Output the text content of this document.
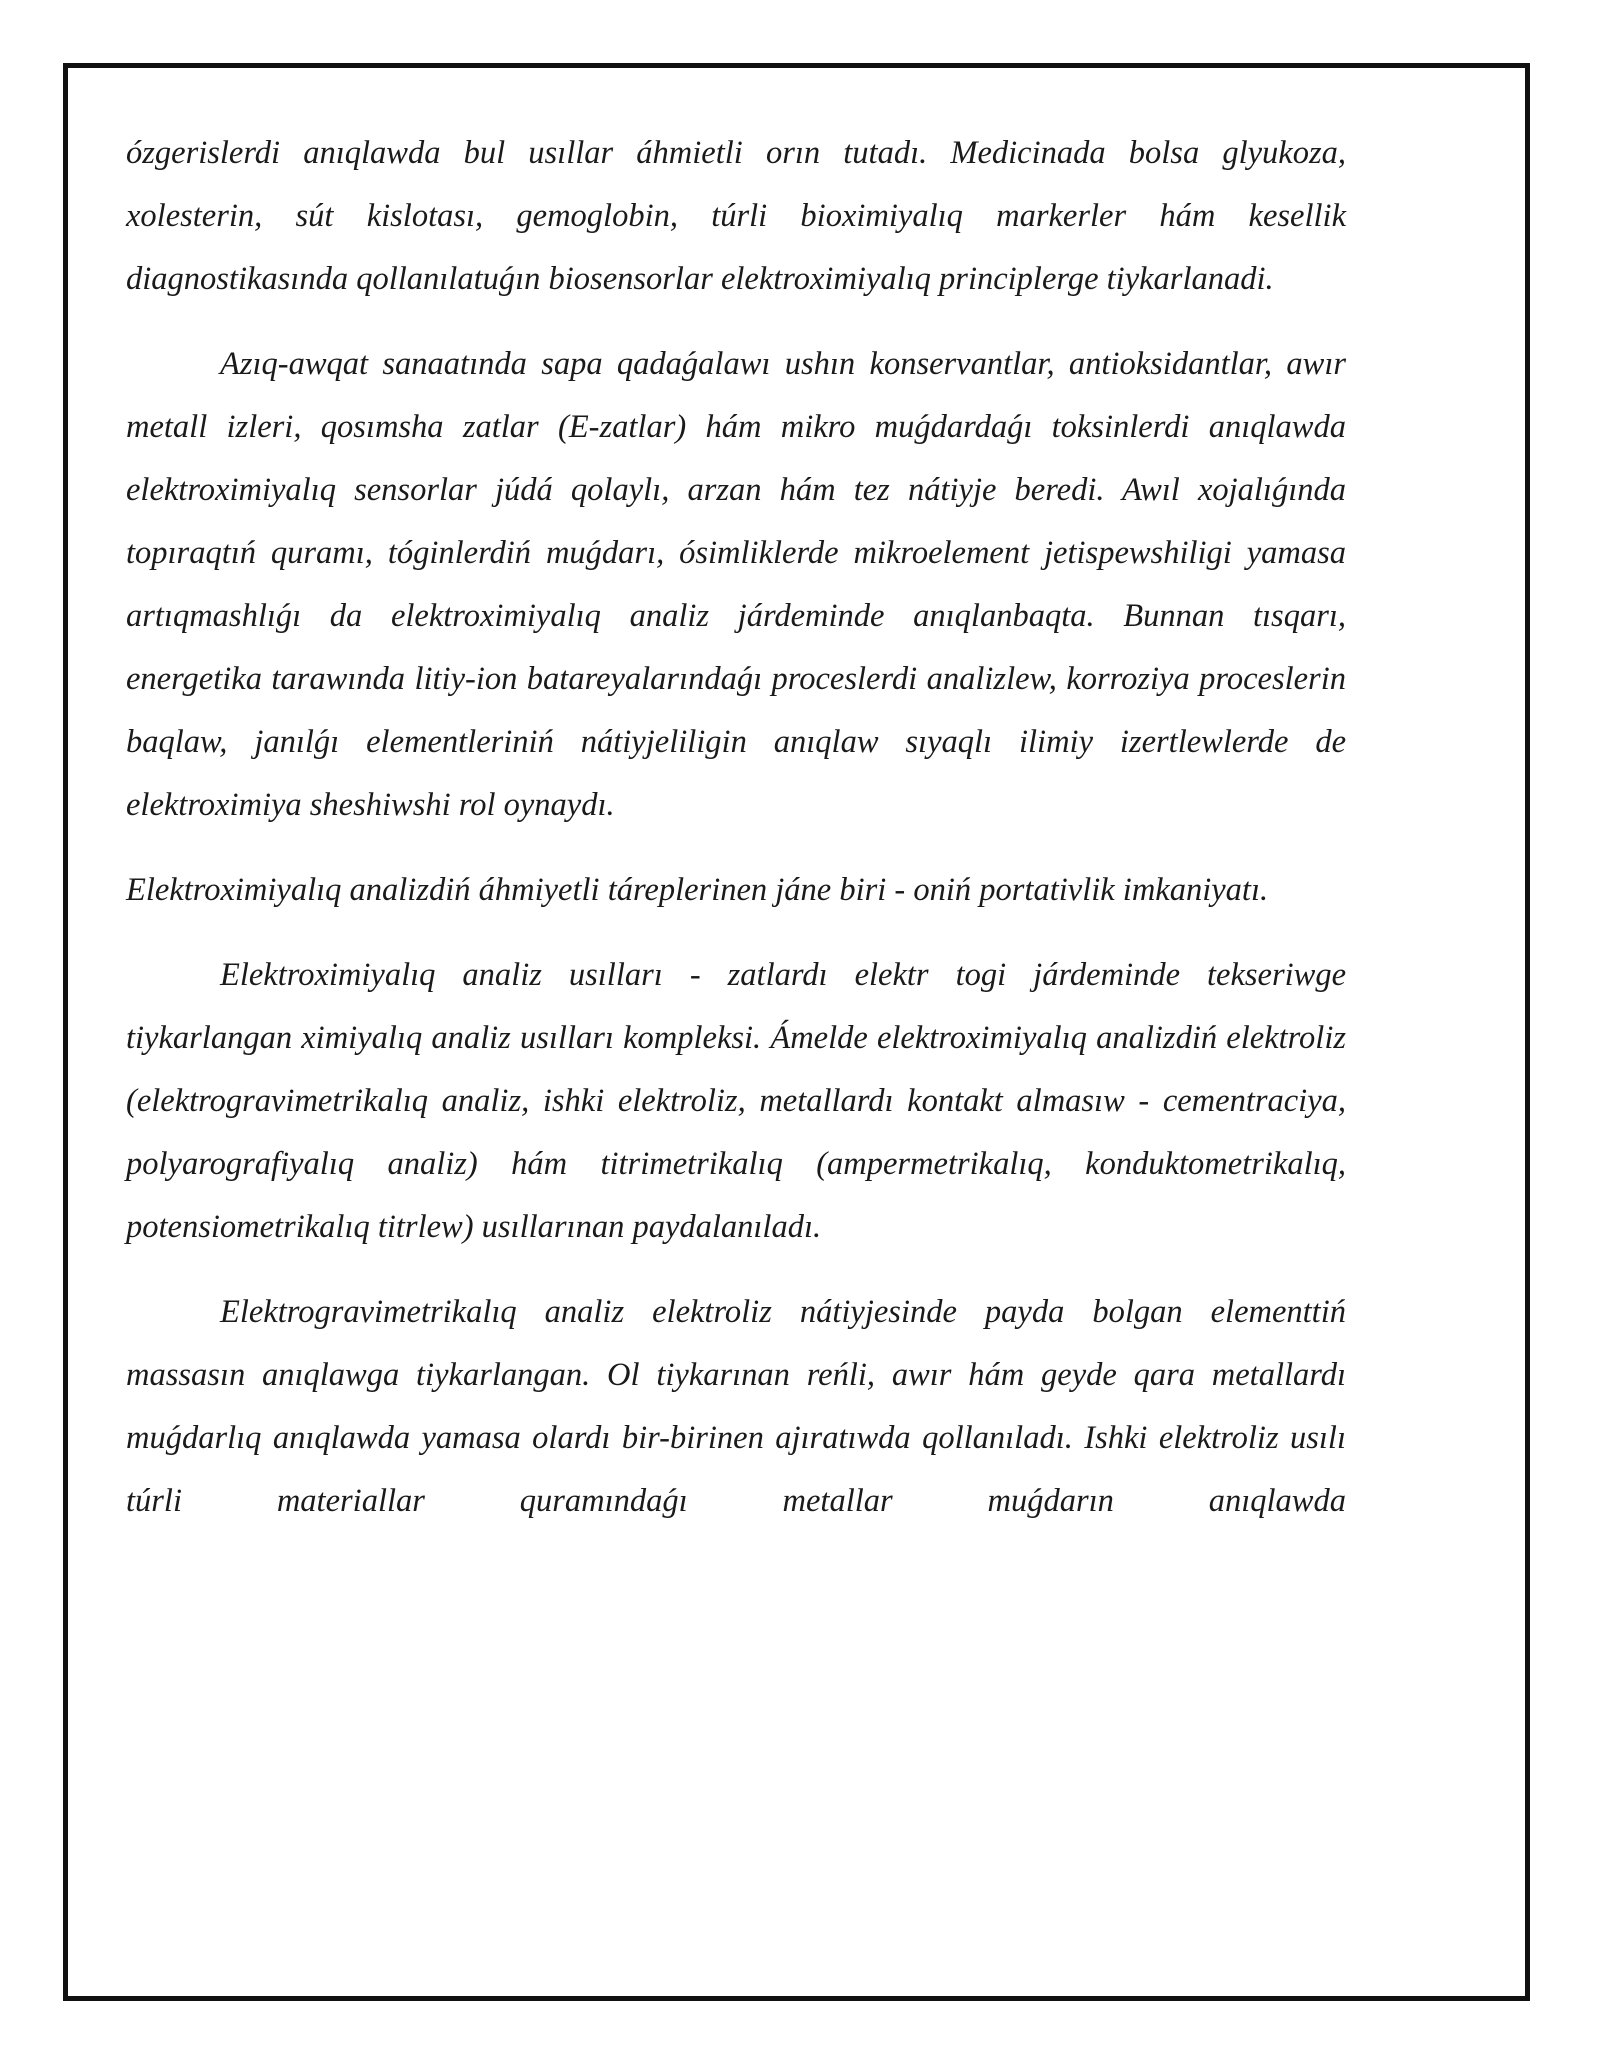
ózgerislerdi anıqlawda bul usıllar áhmietli orın tutadı. Medicinada bolsa glyukoza, xolesterin, sút kislotası, gemoglobin, túrli bioximiyalıq markerler hám kesellik diagnostikasında qollanılatuǵın biosensorlar elektroximiyalıq principlerge tiykarlanadi.

Azıq-awqat sanaatında sapa qadaǵalawı ushın konservantlar, antioksidantlar, awır metall izleri, qosımsha zatlar (E-zatlar) hám mikro muǵdardaǵı toksinlerdi anıqlawda elektroximiyalıq sensorlar júdá qolaylı, arzan hám tez nátiyje beredi. Awıl xojalıǵında topıraqtıń quramı, tóginlerdiń muǵdarı, ósimliklerde mikroelement jetispewshiligi yamasa artıqmashlıǵı da elektroximiyalıq analiz járdeminde anıqlanbaqta. Bunnan tısqarı, energetika tarawında litiy-ion batareyalarındaǵı proceslerdi analizlew, korroziya proceslerin baqlaw, janılǵı elementleriniń nátiyjeliligin anıqlaw sıyaqlı ilimiy izertlewlerde de elektroximiya sheshiwshi rol oynaydı.

Elektroximiyalıq analizdiń áhmiyetli táreplerinen jáne biri - oniń portativlik imkaniyatı.

Elektroximiyalıq analiz usılları - zatlardı elektr togi járdeminde tekseriwge tiykarlangan ximiyalıq analiz usılları kompleksi. Ámelde elektroximiyalıq analizdiń elektroliz (elektrogravimetrikalıq analiz, ishki elektroliz, metallardı kontakt almasıw - cementraciya, polyarografiyalıq analiz) hám titrimetrikalıq (ampermetrikalıq, konduktometrikalıq, potensiometrikalıq titrlew) usıllarınan paydalanıladı.

Elektrogravimetrikalıq analiz elektroliz nátiyjesinde payda bolgan elementtiń massasın anıqlawga tiykarlangan. Ol tiykarınan reńli, awır hám geyde qara metallardı muǵdarlıq anıqlawda yamasa olardı bir-birinen ajıratıwda qollanıladı. Ishki elektroliz usılı túrli materiallar quramındaǵı metallar muǵdarın anıqlawda
